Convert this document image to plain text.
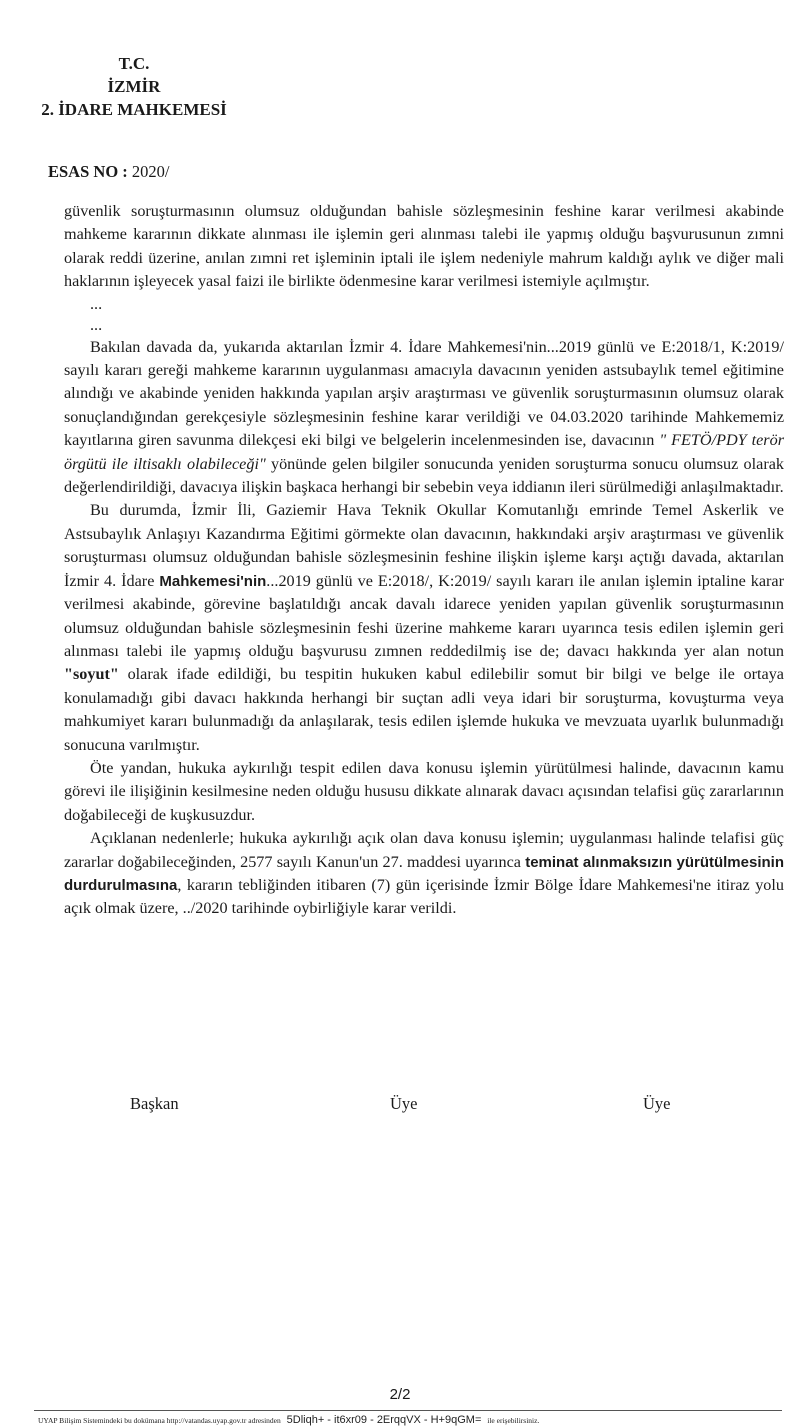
T.C.
İZMİR
2. İDARE MAHKEMESİ
ESAS NO : 2020/

güvenlik soruşturmasının olumsuz olduğundan bahisle sözleşmesinin feshine karar verilmesi akabinde mahkeme kararının dikkate alınması ile işlemin geri alınması talebi ile yapmış olduğu başvurusunun zımni olarak reddi üzerine, anılan zımni ret işleminin iptali ile işlem nedeniyle mahrum kaldığı aylık ve diğer mali haklarının işleyecek yasal faizi ile birlikte ödenmesine karar verilmesi istemiyle açılmıştır.

...

...

Bakılan davada da, yukarıda aktarılan İzmir 4. İdare Mahkemesi'nin...2019 günlü ve E:2018/1, K:2019/ sayılı kararı gereği mahkeme kararının uygulanması amacıyla davacının yeniden astsubaylık temel eğitimine alındığı ve akabinde yeniden hakkında yapılan arşiv araştırması ve güvenlik soruşturmasının olumsuz olarak sonuçlandığından gerekçesiyle sözleşmesinin feshine karar verildiği ve 04.03.2020 tarihinde Mahkememiz kayıtlarına giren savunma dilekçesi eki bilgi ve belgelerin incelenmesinden ise, davacının " FETÖ/PDY terör örgütü ile iltisaklı olabileceği" yönünde gelen bilgiler sonucunda yeniden soruşturma sonucu olumsuz olarak değerlendirildiği, davacıya ilişkin başkaca herhangi bir sebebin veya iddianın ileri sürülmediği anlaşılmaktadır.

Bu durumda, İzmir İli, Gaziemir Hava Teknik Okullar Komutanlığı emrinde Temel Askerlik ve Astsubaylık Anlaşıyı Kazandırma Eğitimi görmekte olan davacının, hakkındaki arşiv araştırması ve güvenlik soruşturması olumsuz olduğundan bahisle sözleşmesinin feshine ilişkin işleme karşı açtığı davada, aktarılan İzmir 4. İdare Mahkemesi'nin...2019 günlü ve E:2018/, K:2019/ sayılı kararı ile anılan işlemin iptaline karar verilmesi akabinde, görevine başlatıldığı ancak davalı idarece yeniden yapılan güvenlik soruşturmasının olumsuz olduğundan bahisle sözleşmesinin feshi üzerine mahkeme kararı uyarınca tesis edilen işlemin geri alınması talebi ile yapmış olduğu başvurusu zımnen reddedilmiş ise de; davacı hakkında yer alan notun "soyut" olarak ifade edildiği, bu tespitin hukuken kabul edilebilir somut bir bilgi ve belge ile ortaya konulamadığı gibi davacı hakkında herhangi bir suçtan adli veya idari bir soruşturma, kovuşturma veya mahkumiyet kararı bulunmadığı da anlaşılarak, tesis edilen işlemde hukuka ve mevzuata uyarlık bulunmadığı sonucuna varılmıştır.

Öte yandan, hukuka aykırılığı tespit edilen dava konusu işlemin yürütülmesi halinde, davacının kamu görevi ile ilişiğinin kesilmesine neden olduğu hususu dikkate alınarak davacı açısından telafisi güç zararlarının doğabileceği de kuşkusuzdur.

Açıklanan nedenlerle; hukuka aykırılığı açık olan dava konusu işlemin; uygulanması halinde telafisi güç zararlar doğabileceğinden, 2577 sayılı Kanun'un 27. maddesi uyarınca teminat alınmaksızın yürütülmesinin durdurulmasına, kararın tebliğinden itibaren (7) gün içerisinde İzmir Bölge İdare Mahkemesi'ne itiraz yolu açık olmak üzere, ../2020 tarihinde oybirliğiyle karar verildi.

Başkan	Üye	Üye
2/2
UYAP Bilişim Sistemindeki bu dokümana http://vatandas.uyap.gov.tr adresinden 5Dliqh+ - it6xr09 - 2ErqqVX - H+9qGM= ile erişebilirsiniz.
